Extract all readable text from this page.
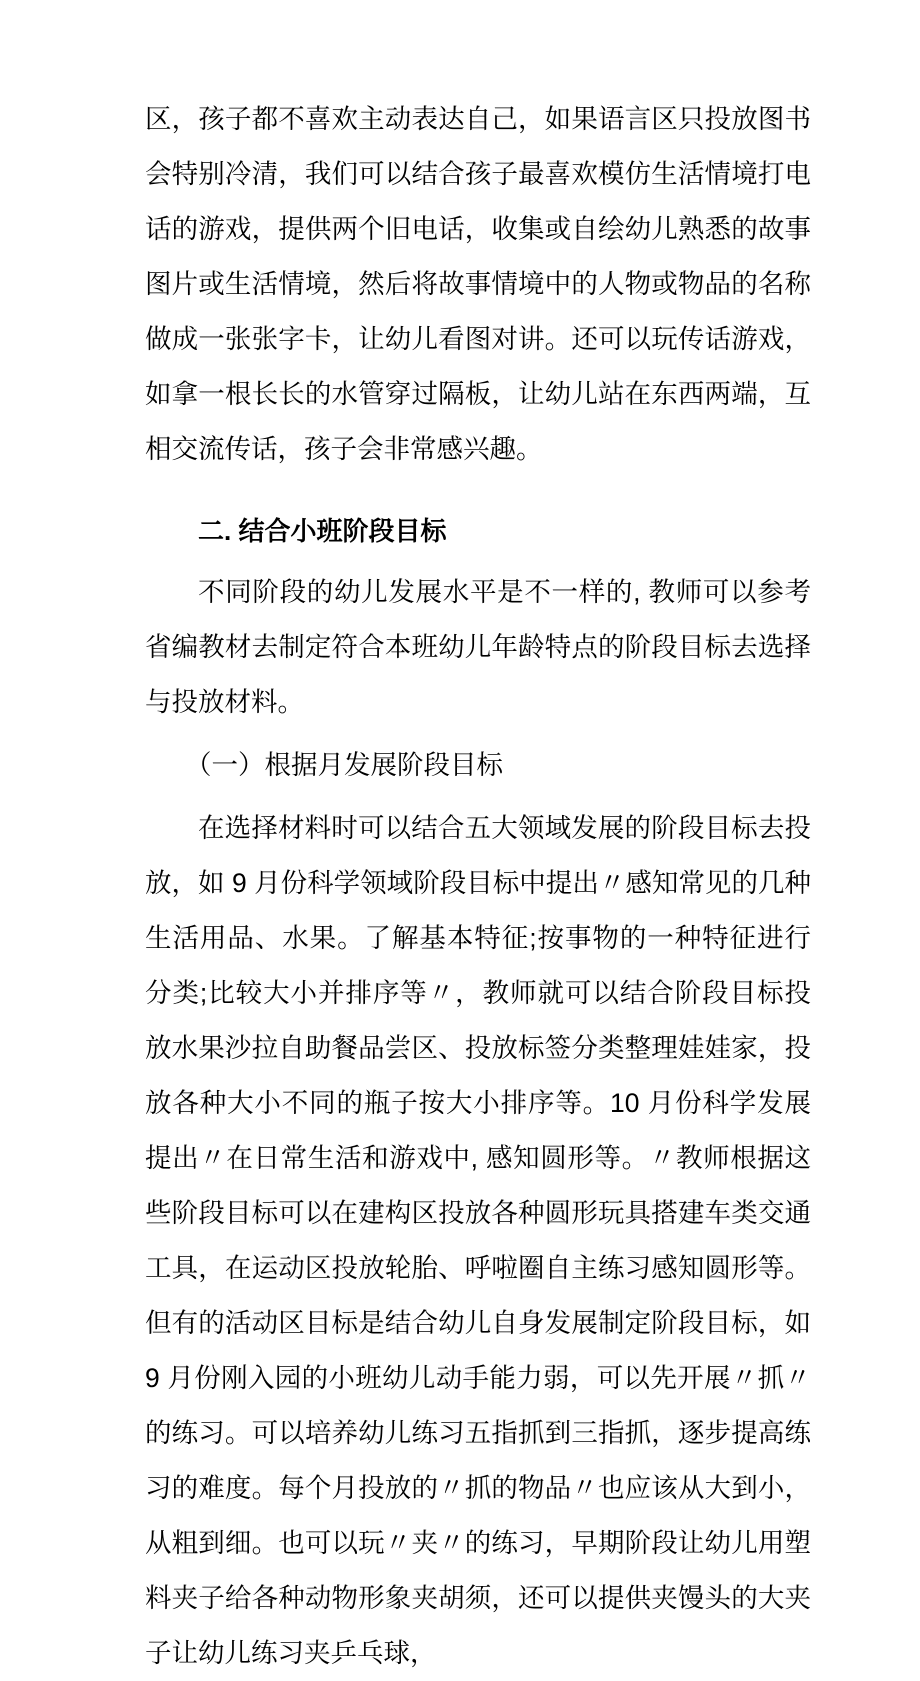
区，孩子都不喜欢主动表达自己，如果语言区只投放图书会特别冷清，我们可以结合孩子最喜欢模仿生活情境打电话的游戏，提供两个旧电话，收集或自绘幼儿熟悉的故事图片或生活情境，然后将故事情境中的人物或物品的名称做成一张张字卡，让幼儿看图对讲。还可以玩传话游戏，如拿一根长长的水管穿过隔板，让幼儿站在东西两端，互相交流传话，孩子会非常感兴趣。

二. 结合小班阶段目标

不同阶段的幼儿发展水平是不一样的, 教师可以参考省编教材去制定符合本班幼儿年龄特点的阶段目标去选择与投放材料。

（一）根据月发展阶段目标

在选择材料时可以结合五大领域发展的阶段目标去投放，如 9 月份科学领域阶段目标中提出〃感知常见的几种生活用品、水果。了解基本特征;按事物的一种特征进行分类;比较大小并排序等〃，教师就可以结合阶段目标投放水果沙拉自助餐品尝区、投放标签分类整理娃娃家，投放各种大小不同的瓶子按大小排序等。10 月份科学发展提出〃在日常生活和游戏中, 感知圆形等。〃教师根据这些阶段目标可以在建构区投放各种圆形玩具搭建车类交通工具，在运动区投放轮胎、呼啦圈自主练习感知圆形等。但有的活动区目标是结合幼儿自身发展制定阶段目标，如 9 月份刚入园的小班幼儿动手能力弱，可以先开展〃抓〃的练习。可以培养幼儿练习五指抓到三指抓，逐步提高练习的难度。每个月投放的〃抓的物品〃也应该从大到小，从粗到细。也可以玩〃夹〃的练习，早期阶段让幼儿用塑料夹子给各种动物形象夹胡须，还可以提供夹馒头的大夹子让幼儿练习夹乒乓球，
